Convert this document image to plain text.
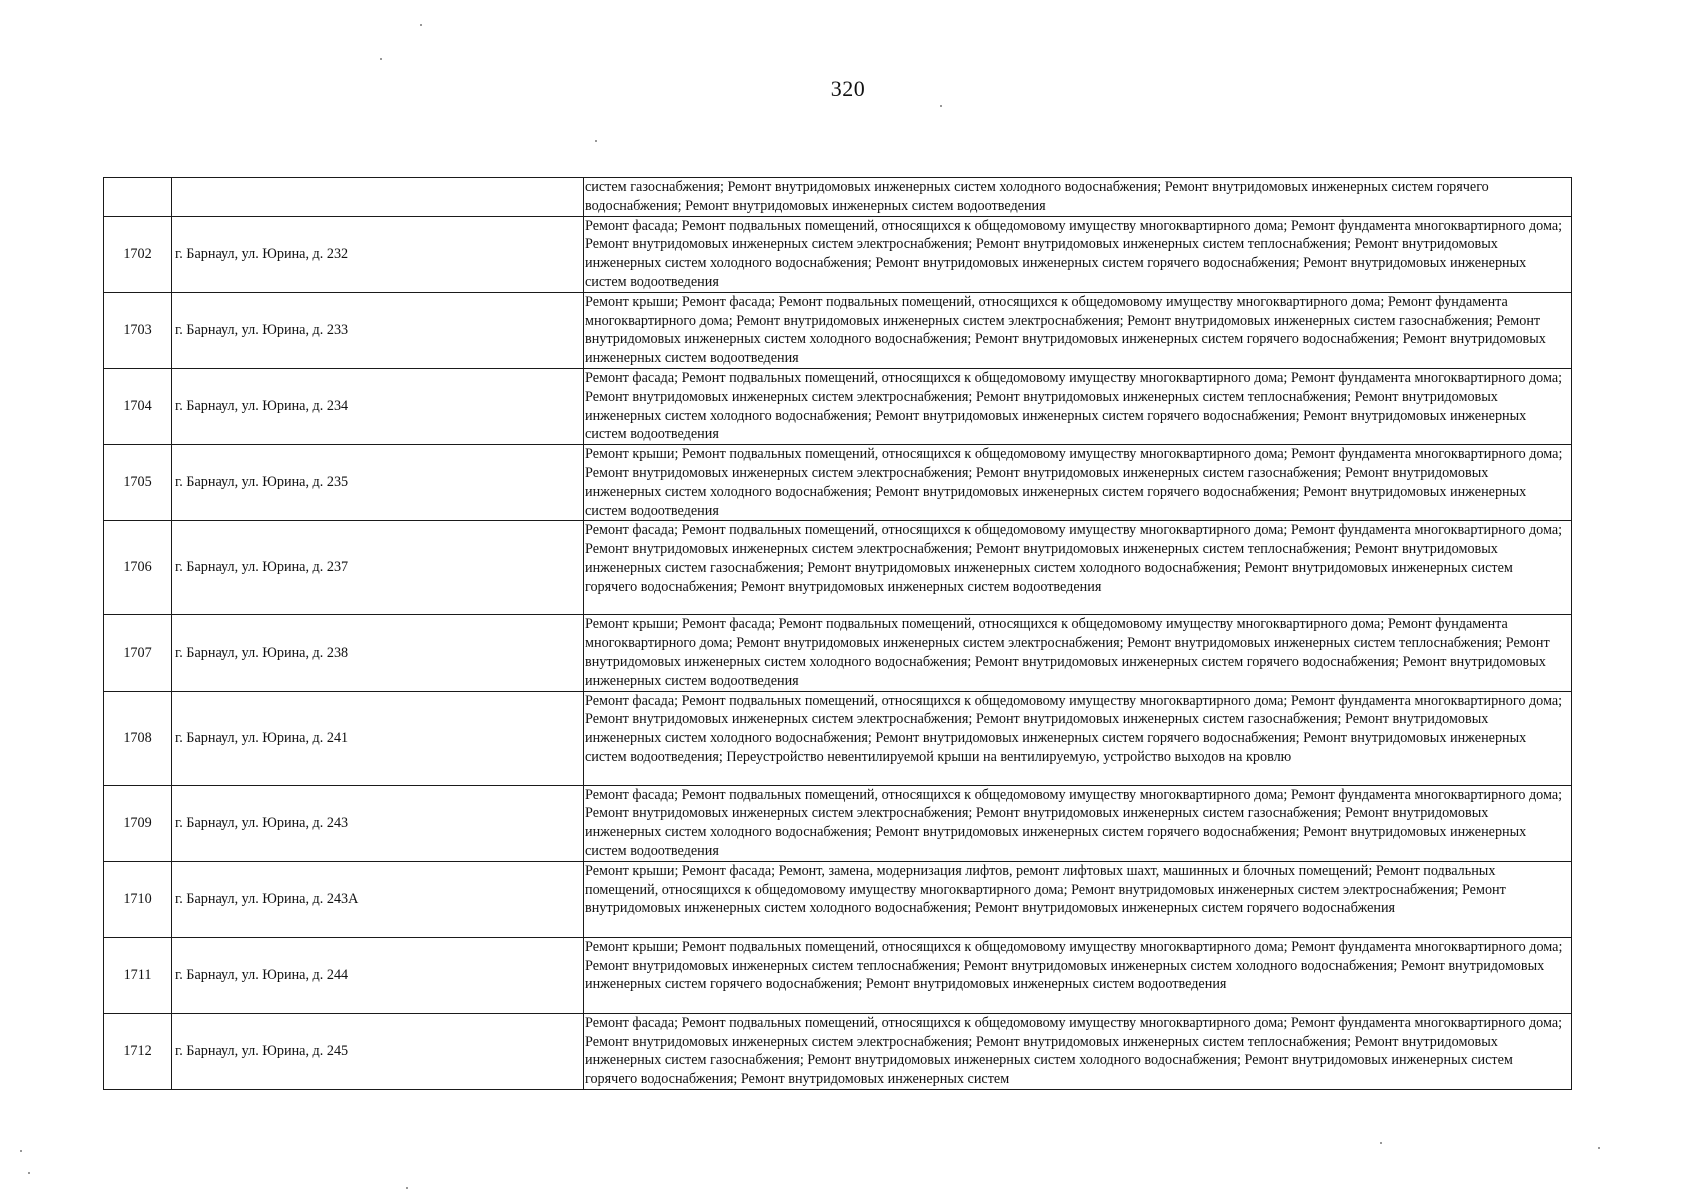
320
		систем газоснабжения; Ремонт внутридомовых инженерных систем холодного водоснабжения; Ремонт внутридомовых инженерных систем горячего водоснабжения; Ремонт внутридомовых инженерных систем водоотведения
1702	г. Барнаул, ул. Юрина, д. 232	Ремонт фасада; Ремонт подвальных помещений, относящихся к общедомовому имуществу многоквартирного дома; Ремонт фундамента многоквартирного дома; Ремонт внутридомовых инженерных систем электроснабжения; Ремонт внутридомовых инженерных систем теплоснабжения; Ремонт внутридомовых инженерных систем холодного водоснабжения; Ремонт внутридомовых инженерных систем горячего водоснабжения; Ремонт внутридомовых инженерных систем водоотведения
1703	г. Барнаул, ул. Юрина, д. 233	Ремонт крыши; Ремонт фасада; Ремонт подвальных помещений, относящихся к общедомовому имуществу многоквартирного дома; Ремонт фундамента многоквартирного дома; Ремонт внутридомовых инженерных систем электроснабжения; Ремонт внутридомовых инженерных систем газоснабжения; Ремонт внутридомовых инженерных систем холодного водоснабжения; Ремонт внутридомовых инженерных систем горячего водоснабжения; Ремонт внутридомовых инженерных систем водоотведения
1704	г. Барнаул, ул. Юрина, д. 234	Ремонт фасада; Ремонт подвальных помещений, относящихся к общедомовому имуществу многоквартирного дома; Ремонт фундамента многоквартирного дома; Ремонт внутридомовых инженерных систем электроснабжения; Ремонт внутридомовых инженерных систем теплоснабжения; Ремонт внутридомовых инженерных систем холодного водоснабжения; Ремонт внутридомовых инженерных систем горячего водоснабжения; Ремонт внутридомовых инженерных систем водоотведения
1705	г. Барнаул, ул. Юрина, д. 235	Ремонт крыши; Ремонт подвальных помещений, относящихся к общедомовому имуществу многоквартирного дома; Ремонт фундамента многоквартирного дома; Ремонт внутридомовых инженерных систем электроснабжения; Ремонт внутридомовых инженерных систем газоснабжения; Ремонт внутридомовых инженерных систем холодного водоснабжения; Ремонт внутридомовых инженерных систем горячего водоснабжения; Ремонт внутридомовых инженерных систем водоотведения
1706	г. Барнаул, ул. Юрина, д. 237	Ремонт фасада; Ремонт подвальных помещений, относящихся к общедомовому имуществу многоквартирного дома; Ремонт фундамента многоквартирного дома; Ремонт внутридомовых инженерных систем электроснабжения; Ремонт внутридомовых инженерных систем теплоснабжения; Ремонт внутридомовых инженерных систем газоснабжения; Ремонт внутридомовых инженерных систем холодного водоснабжения; Ремонт внутридомовых инженерных систем горячего водоснабжения; Ремонт внутридомовых инженерных систем водоотведения
1707	г. Барнаул, ул. Юрина, д. 238	Ремонт крыши; Ремонт фасада; Ремонт подвальных помещений, относящихся к общедомовому имуществу многоквартирного дома; Ремонт фундамента многоквартирного дома; Ремонт внутридомовых инженерных систем электроснабжения; Ремонт внутридомовых инженерных систем теплоснабжения; Ремонт внутридомовых инженерных систем холодного водоснабжения; Ремонт внутридомовых инженерных систем горячего водоснабжения; Ремонт внутридомовых инженерных систем водоотведения
1708	г. Барнаул, ул. Юрина, д. 241	Ремонт фасада; Ремонт подвальных помещений, относящихся к общедомовому имуществу многоквартирного дома; Ремонт фундамента многоквартирного дома; Ремонт внутридомовых инженерных систем электроснабжения; Ремонт внутридомовых инженерных систем газоснабжения; Ремонт внутридомовых инженерных систем холодного водоснабжения; Ремонт внутридомовых инженерных систем горячего водоснабжения; Ремонт внутридомовых инженерных систем водоотведения; Переустройство невентилируемой крыши на вентилируемую, устройство выходов на кровлю
1709	г. Барнаул, ул. Юрина, д. 243	Ремонт фасада; Ремонт подвальных помещений, относящихся к общедомовому имуществу многоквартирного дома; Ремонт фундамента многоквартирного дома; Ремонт внутридомовых инженерных систем электроснабжения; Ремонт внутридомовых инженерных систем газоснабжения; Ремонт внутридомовых инженерных систем холодного водоснабжения; Ремонт внутридомовых инженерных систем горячего водоснабжения; Ремонт внутридомовых инженерных систем водоотведения
1710	г. Барнаул, ул. Юрина, д. 243А	Ремонт крыши; Ремонт фасада; Ремонт, замена, модернизация лифтов, ремонт лифтовых шахт, машинных и блочных помещений; Ремонт подвальных помещений, относящихся к общедомовому имуществу многоквартирного дома; Ремонт внутридомовых инженерных систем электроснабжения; Ремонт внутридомовых инженерных систем холодного водоснабжения; Ремонт внутридомовых инженерных систем горячего водоснабжения
1711	г. Барнаул, ул. Юрина, д. 244	Ремонт крыши; Ремонт подвальных помещений, относящихся к общедомовому имуществу многоквартирного дома; Ремонт фундамента многоквартирного дома; Ремонт внутридомовых инженерных систем теплоснабжения; Ремонт внутридомовых инженерных систем холодного водоснабжения; Ремонт внутридомовых инженерных систем горячего водоснабжения; Ремонт внутридомовых инженерных систем водоотведения
1712	г. Барнаул, ул. Юрина, д. 245	Ремонт фасада; Ремонт подвальных помещений, относящихся к общедомовому имуществу многоквартирного дома; Ремонт фундамента многоквартирного дома; Ремонт внутридомовых инженерных систем электроснабжения; Ремонт внутридомовых инженерных систем теплоснабжения; Ремонт внутридомовых инженерных систем газоснабжения; Ремонт внутридомовых инженерных систем холодного водоснабжения; Ремонт внутридомовых инженерных систем горячего водоснабжения; Ремонт внутридомовых инженерных систем
